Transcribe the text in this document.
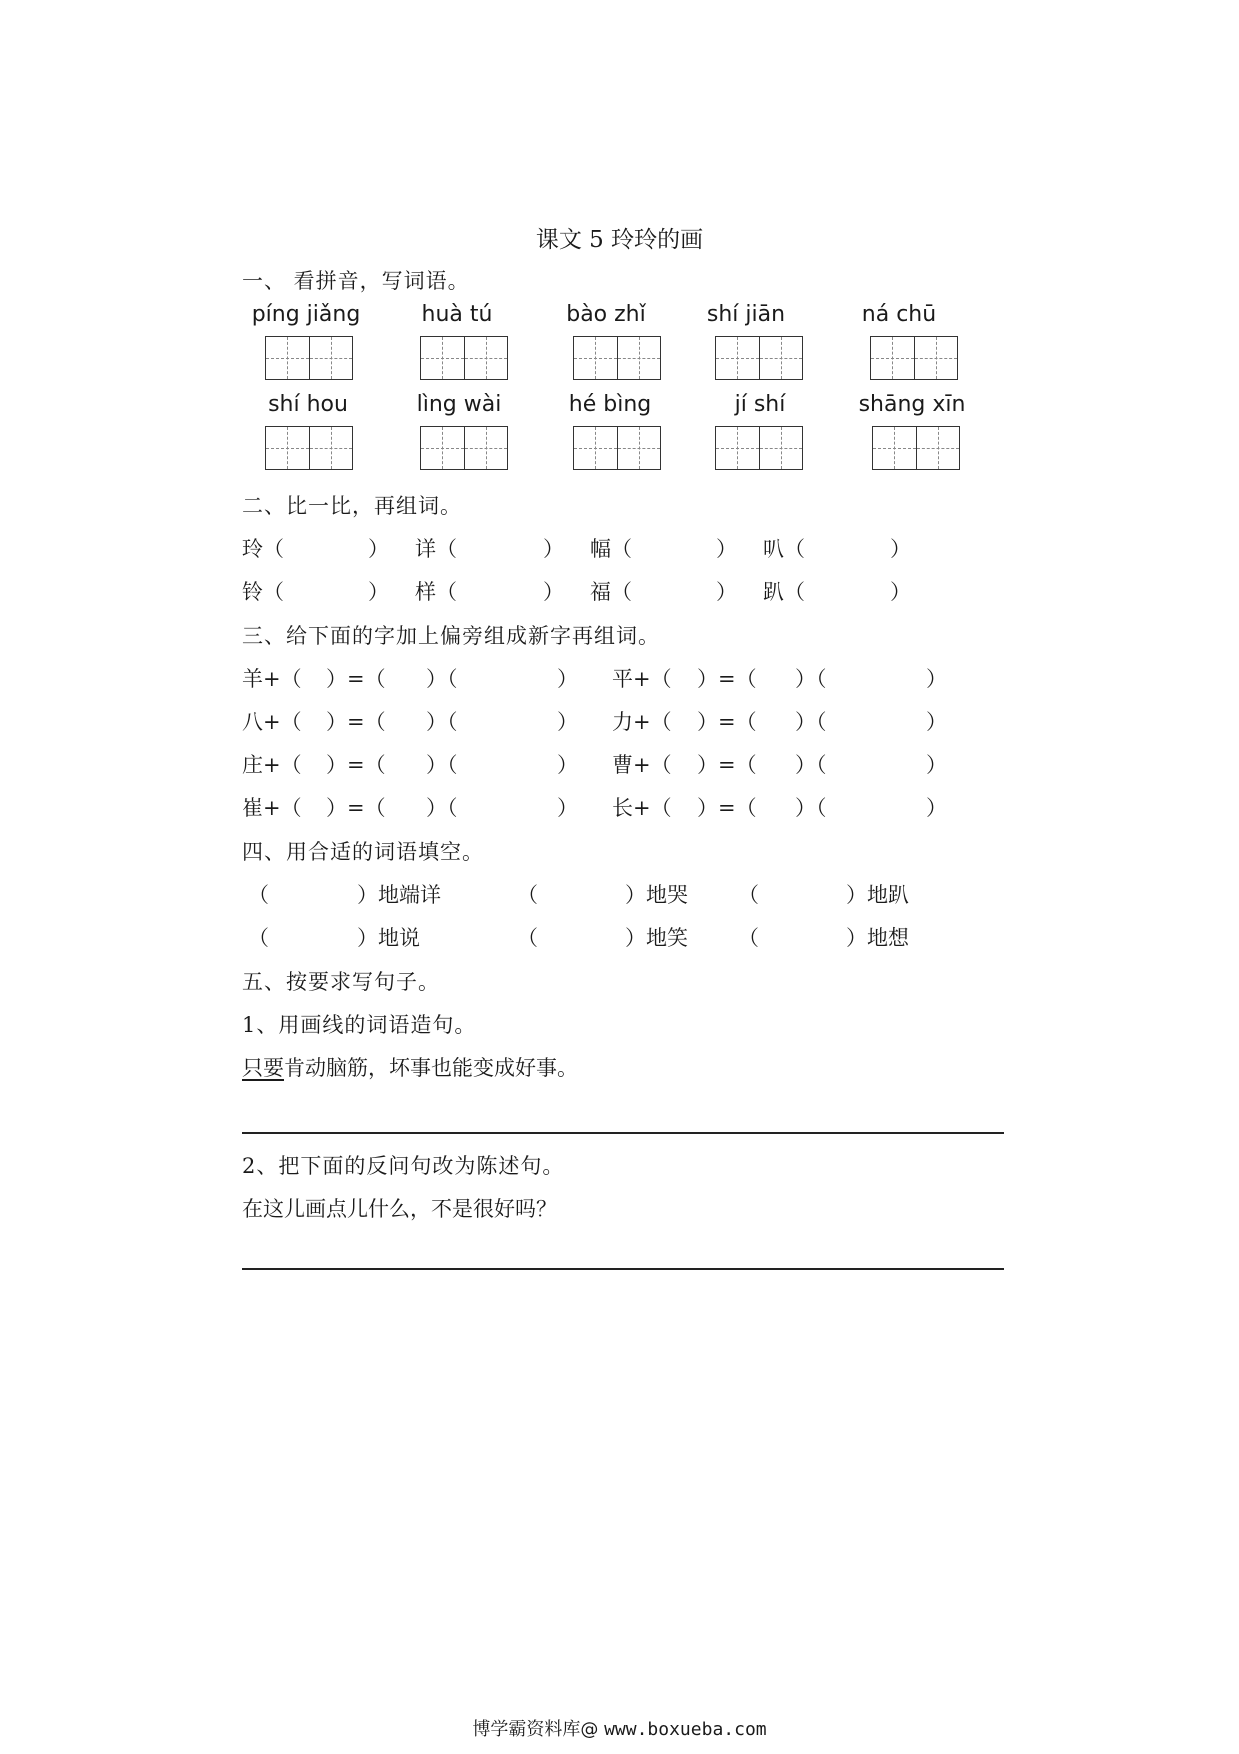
课文 5 玲玲的画
一、 看拼音，写词语。
píng jiǎng	huà tú	bào zhǐ	shí jiān	ná chū
shí hou	lìng wài	hé bìng	jí shí	shāng xīn
二、比一比，再组词。
玲（	） 详（	） 幅（	） 叭（	）
铃（	） 样（	） 福（	） 趴（	）
三、给下面的字加上偏旁组成新字再组词。
羊+（ ）=（ ）（	） 平+（ ）=（ ）（	）
八+（ ）=（ ）（	） 力+（ ）=（ ）（	）
庄+（ ）=（ ）（	） 曹+（ ）=（ ）（	）
崔+（ ）=（ ）（	） 长+（ ）=（ ）（	）
四、用合适的词语填空。
（	）地端详	（	）地哭 （	）地趴
（	）地说	（	）地笑 （	）地想
五、按要求写句子。
1、用画线的词语造句。
只要肯动脑筋，坏事也能变成好事。
2、把下面的反问句改为陈述句。
在这儿画点儿什么，不是很好吗？
博学霸资料库@ www.boxueba.com
